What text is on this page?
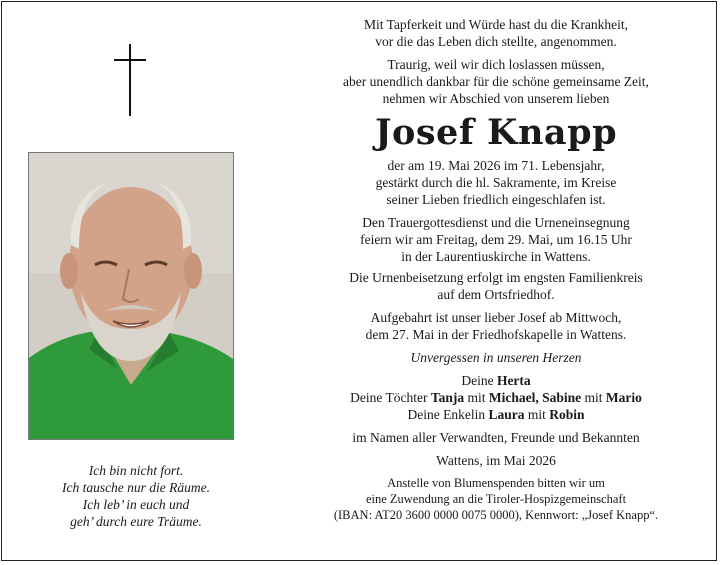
Ich bin nicht fort.
Ich tausche nur die Räume.
Ich leb’ in euch und
geh’ durch eure Träume.
Mit Tapferkeit und Würde hast du die Krankheit,
vor die das Leben dich stellte, angenommen.
Traurig, weil wir dich loslassen müssen,
aber unendlich dankbar für die schöne gemeinsame Zeit,
nehmen wir Abschied von unserem lieben
Josef Knapp
der am 19. Mai 2026 im 71. Lebensjahr,
gestärkt durch die hl. Sakramente, im Kreise
seiner Lieben friedlich eingeschlafen ist.
Den Trauergottesdienst und die Urneneinsegnung
feiern wir am Freitag, dem 29. Mai, um 16.15 Uhr
in der Laurentiuskirche in Wattens.
Die Urnenbeisetzung erfolgt im engsten Familienkreis
auf dem Ortsfriedhof.
Aufgebahrt ist unser lieber Josef ab Mittwoch,
dem 27. Mai in der Friedhofskapelle in Wattens.
Unvergessen in unseren Herzen
Deine Herta
Deine Töchter Tanja mit Michael, Sabine mit Mario
Deine Enkelin Laura mit Robin
im Namen aller Verwandten, Freunde und Bekannten
Wattens, im Mai 2026
Anstelle von Blumenspenden bitten wir um
eine Zuwendung an die Tiroler-Hospizgemeinschaft
(IBAN: AT20 3600 0000 0075 0000), Kennwort: „Josef Knapp“.
